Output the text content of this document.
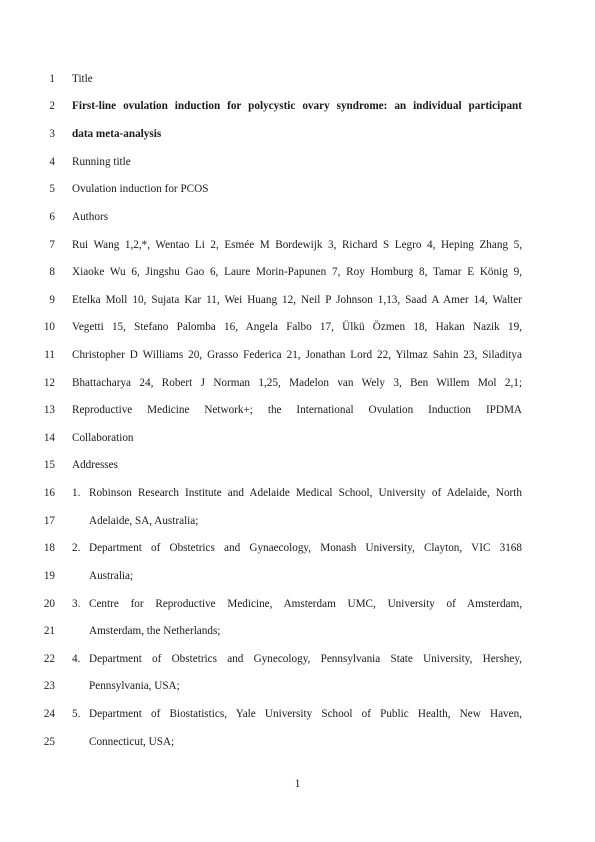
1 Title
2 First-line ovulation induction for polycystic ovary syndrome: an individual participant
3 data meta-analysis
4 Running title
5 Ovulation induction for PCOS
6 Authors
7 Rui Wang 1,2,*, Wentao Li 2, Esmée M Bordewijk 3, Richard S Legro 4, Heping Zhang 5,
8 Xiaoke Wu 6, Jingshu Gao 6, Laure Morin-Papunen 7, Roy Homburg 8, Tamar E König 9,
9 Etelka Moll 10, Sujata Kar 11, Wei Huang 12, Neil P Johnson 1,13, Saad A Amer 14, Walter
10 Vegetti 15, Stefano Palomba 16, Angela Falbo 17, Ülkü Özmen 18, Hakan Nazik 19,
11 Christopher D Williams 20, Grasso Federica 21, Jonathan Lord 22, Yilmaz Sahin 23, Siladitya
12 Bhattacharya 24, Robert J Norman 1,25, Madelon van Wely 3, Ben Willem Mol 2,1;
13 Reproductive Medicine Network+; the International Ovulation Induction IPDMA
14 Collaboration
15 Addresses
16 1. Robinson Research Institute and Adelaide Medical School, University of Adelaide, North
17	Adelaide, SA, Australia;
18 2. Department of Obstetrics and Gynaecology, Monash University, Clayton, VIC 3168
19	Australia;
20 3. Centre for Reproductive Medicine, Amsterdam UMC, University of Amsterdam,
21	Amsterdam, the Netherlands;
22 4. Department of Obstetrics and Gynecology, Pennsylvania State University, Hershey,
23	Pennsylvania, USA;
24 5. Department of Biostatistics, Yale University School of Public Health, New Haven,
25	Connecticut, USA;
1
